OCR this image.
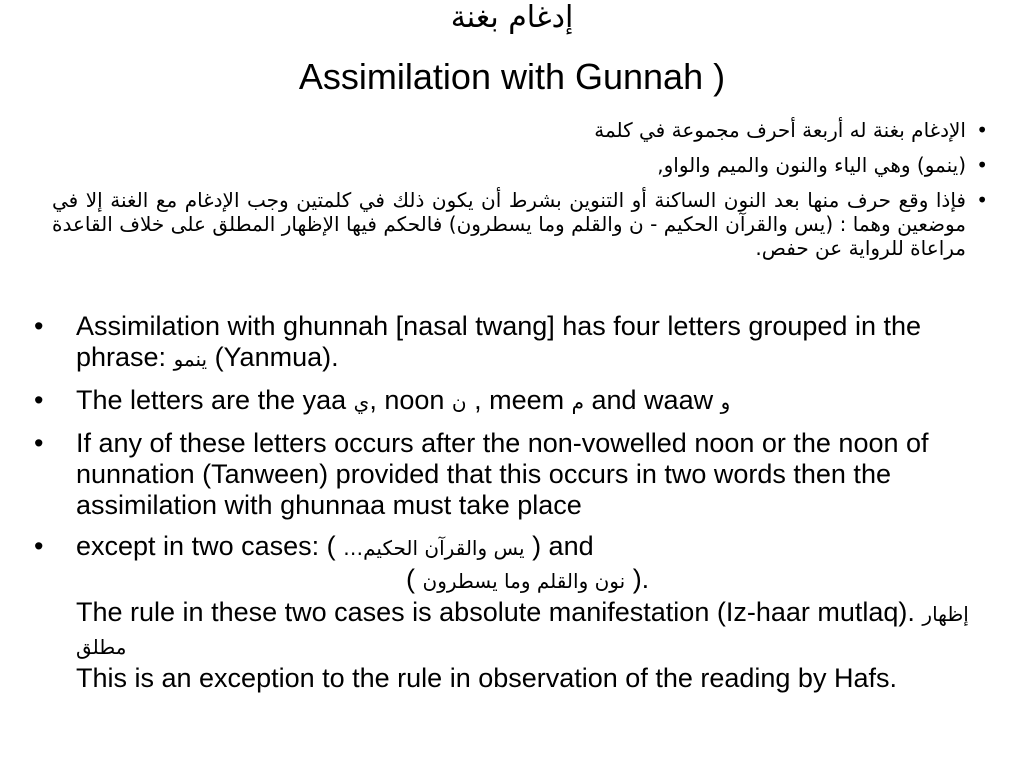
إدغام بغنة
Assimilation with Gunnah )
•
الإدغام بغنة له أربعة أحرف مجموعة في كلمة
•
(ينمو) وهي الياء والنون والميم والواو,
•
فإذا وقع حرف منها بعد النون الساكنة أو التنوين بشرط أن يكون ذلك في كلمتين وجب الإدغام مع الغنة إلا في موضعين وهما : (يس والقرآن الحكيم - ن والقلم وما يسطرون) فالحكم فيها الإظهار المطلق على خلاف القاعدة مراعاة للرواية عن حفص.
• Assimilation with ghunnah [nasal twang] has four letters grouped in the phrase: ينمو (Yanmua).
• The letters are the yaa ي, noon ن , meem م and waaw و
• If any of these letters occurs after the non-vowelled noon or the noon of nunnation (Tanween) provided that this occurs in two words then the assimilation with ghunnaa must take place
• except in two cases: ( يس والقرآن الحكيم… ) and
( نون والقلم وما يسطرون ).
The rule in these two cases is absolute manifestation (Iz-haar mutlaq). إظهار مطلق
This is an exception to the rule in observation of the reading by Hafs.
